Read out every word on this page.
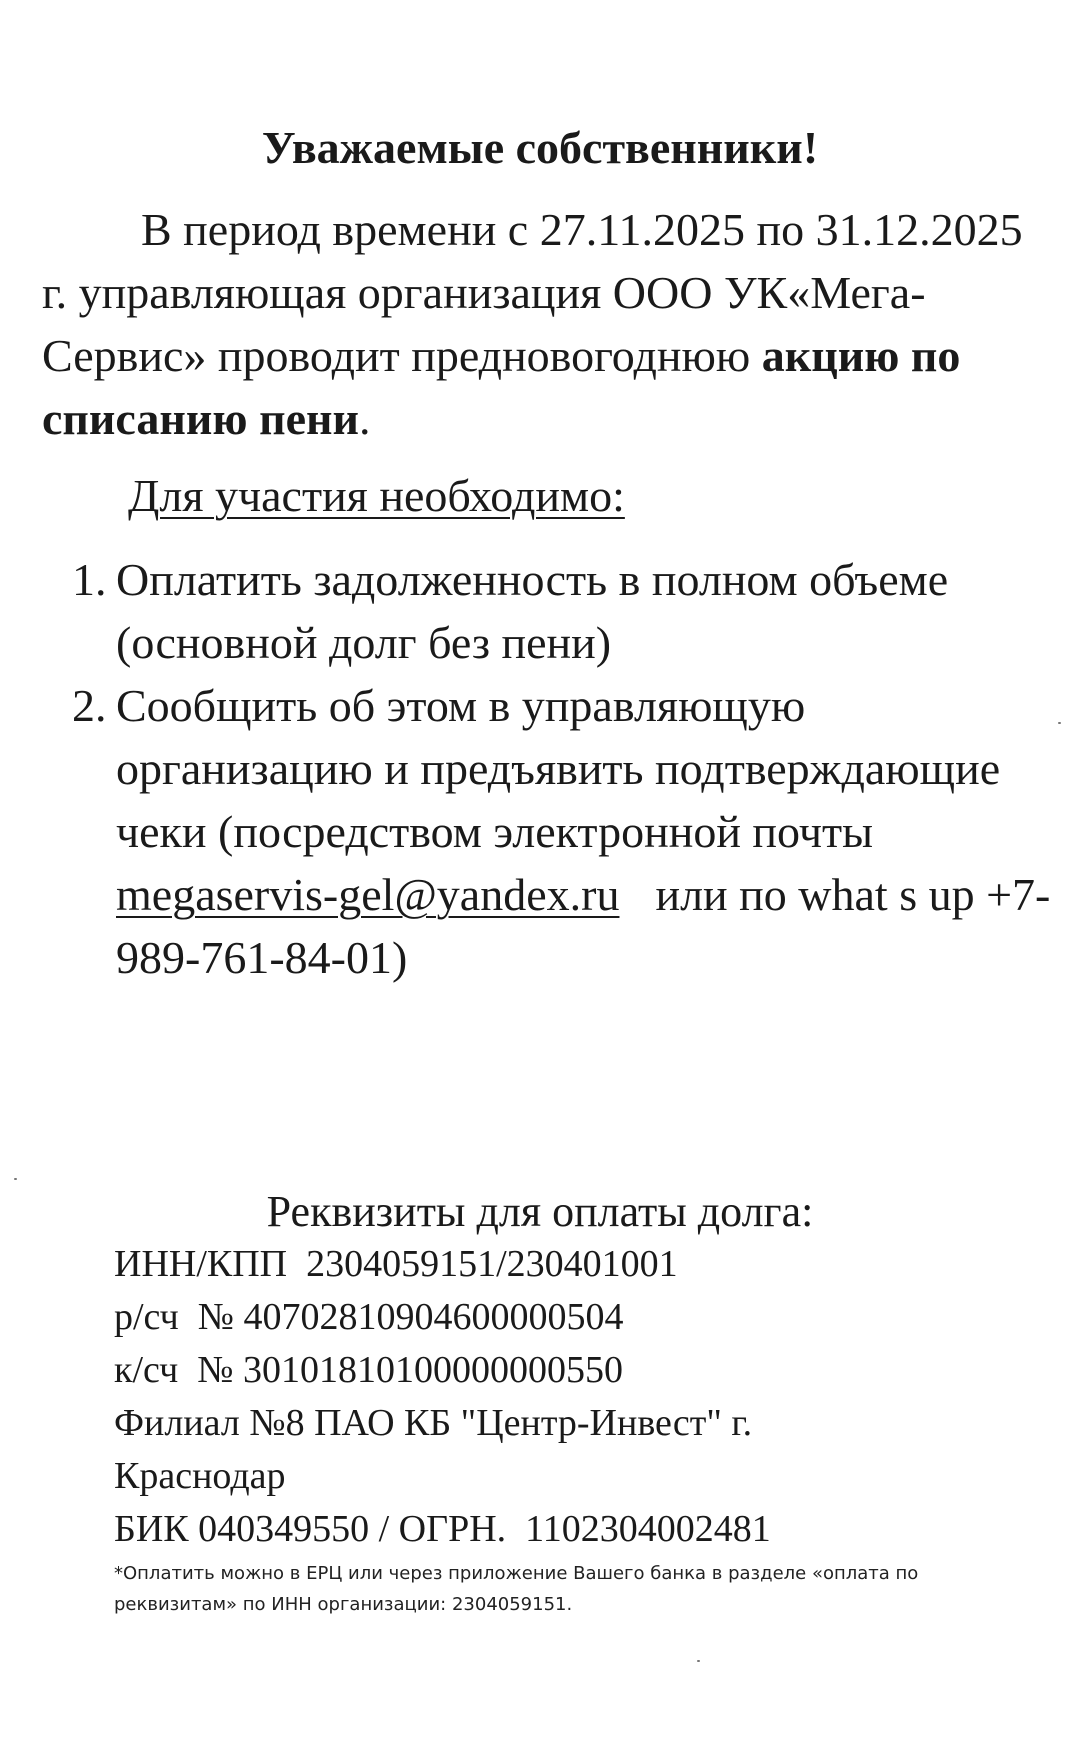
Уважаемые собственники!
В период времени с 27.11.2025 по 31.12.2025 г. управляющая организация ООО УК«Мега-Сервис» проводит предновогоднюю акцию по списанию пени.
Для участия необходимо:
1. Оплатить задолженность в полном объеме (основной долг без пени)
2. Сообщить об этом в управляющую организацию и предъявить подтверждающие чеки (посредством электронной почты megaservis-gel@yandex.ru или по what s up +7-989-761-84-01)
Реквизиты для оплаты долга:
ИНН/КПП  2304059151/230401001
р/сч  № 40702810904600000504
к/сч  № 30101810100000000550
Филиал №8 ПАО КБ "Центр-Инвест" г.
Краснодар
БИК 040349550 / ОГРН.  1102304002481
*Оплатить можно в ЕРЦ или через приложение Вашего банка в разделе «оплата по реквизитам» по ИНН организации: 2304059151.
